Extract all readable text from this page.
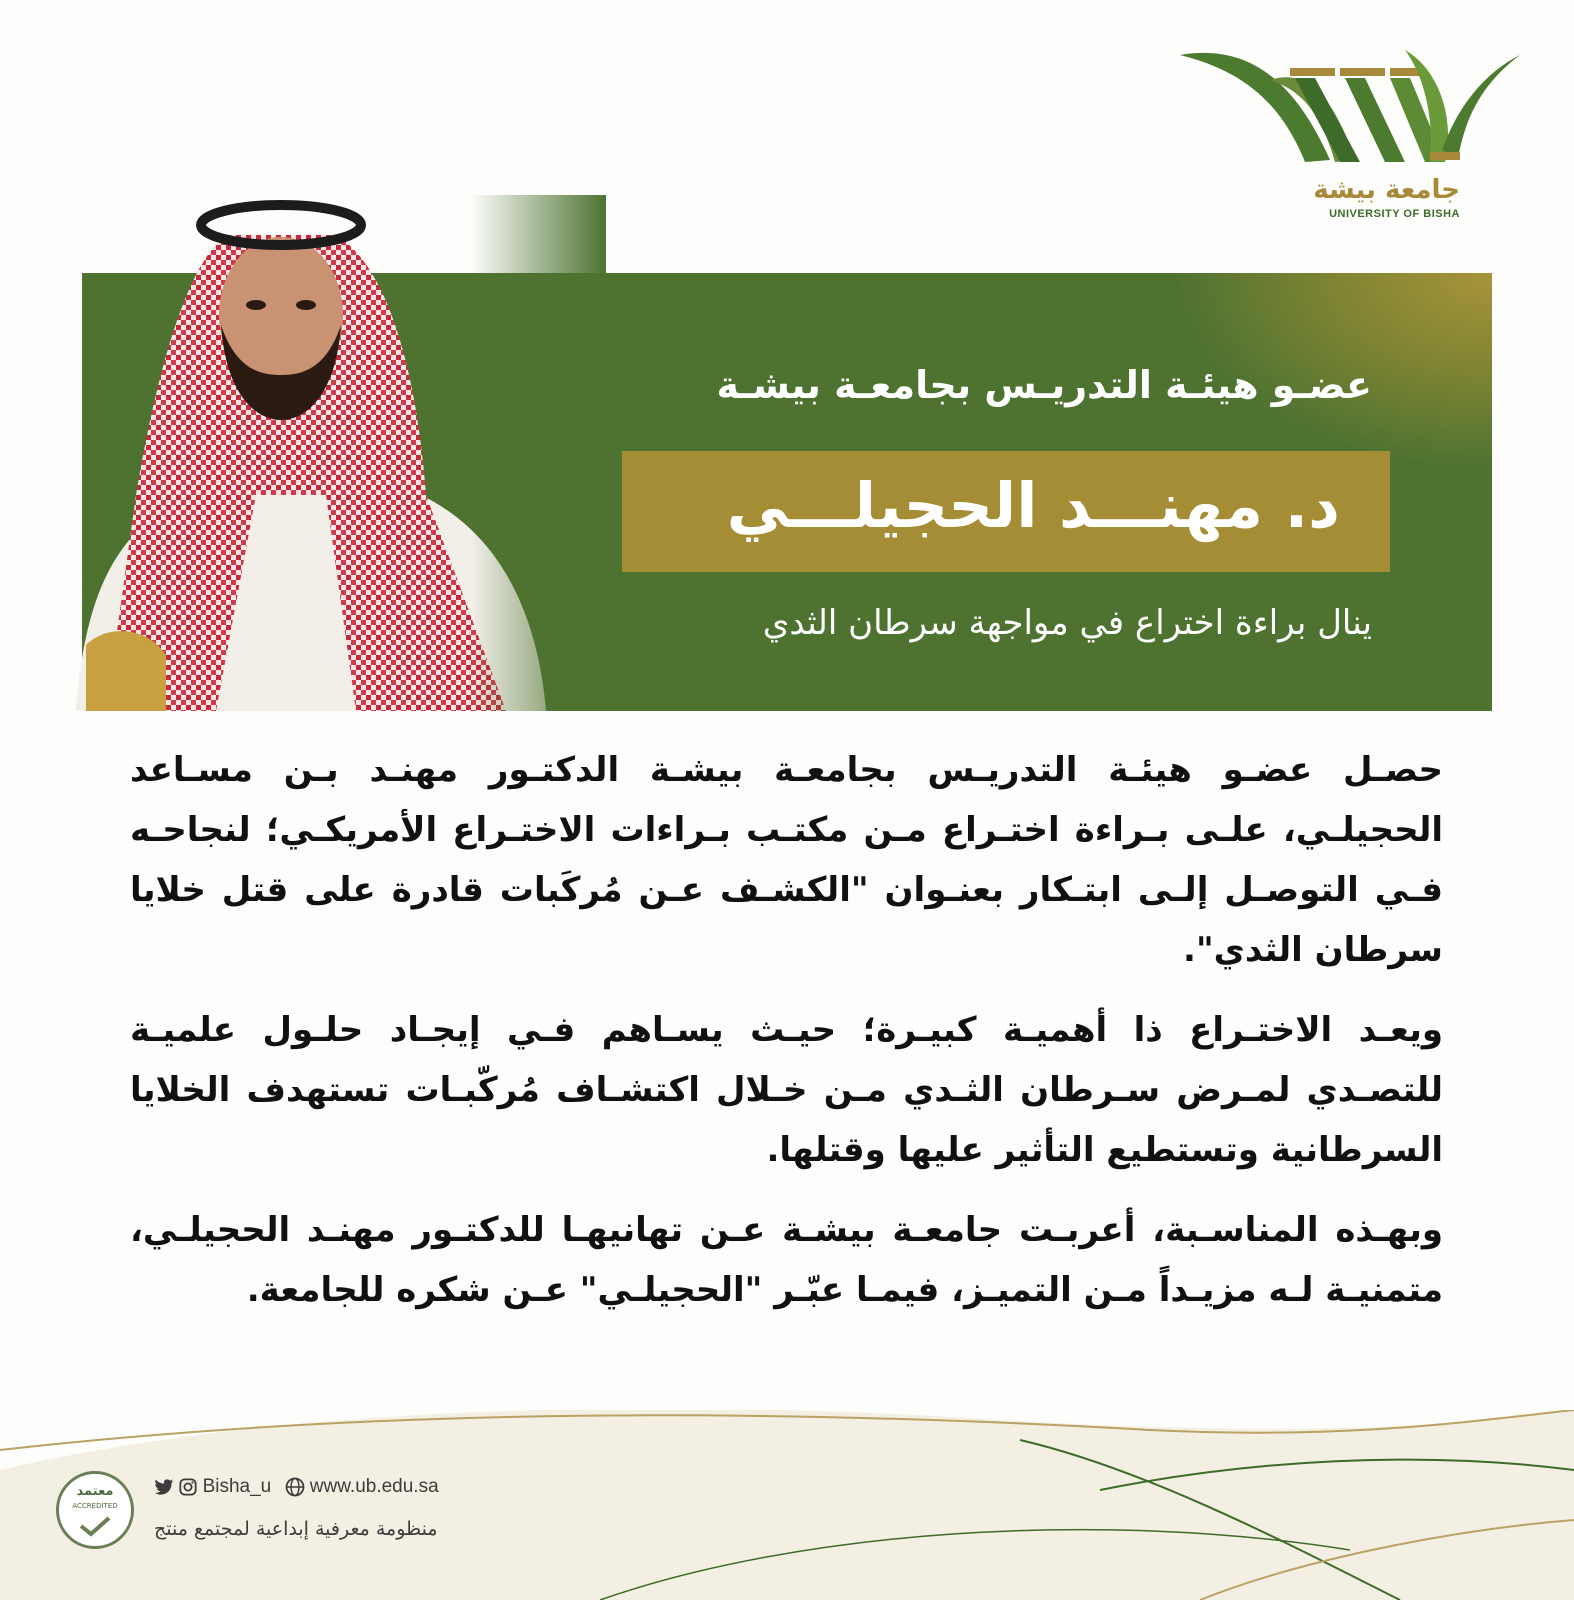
جامعة بيشة
UNIVERSITY OF BISHA
عضـو هيئـة التدريـس بجامعـة بيشـة
د. مهنـــد الحجيلـــي
ينال براءة اختراع في مواجهة سرطان الثدي

حصـل عضـو هيئـة التدريـس بجامعـة بيشـة الدكتـور مهنـد بـن مسـاعد الحجيلـي، علـى بـراءة اختـراع مـن مكتـب بـراءات الاختـراع الأمريكـي؛ لنجاحـه فـي التوصـل إلـى ابتـكار بعنـوان "الكشـف عـن مُركَبات قادرة على قتل خلايا سرطان الثدي".

ويعـد الاختـراع ذا أهميـة كبيـرة؛ حيـث يسـاهم فـي إيجـاد حلـول علميـة للتصـدي لمـرض سـرطان الثـدي مـن خـلال اكتشـاف مُركّبـات تستهدف الخلايا السرطانية وتستطيع التأثير عليها وقتلها.

وبهـذه المناسـبة، أعربـت جامعـة بيشـة عـن تهانيهـا للدكتـور مهنـد الحجيلـي، متمنيـة لـه مزيـداً مـن التميـز، فيمـا عبّـر "الحجيلـي" عـن شكره للجامعة.

معتمد
ACCREDITED
Bisha_u www.ub.edu.sa
منظومة معرفية إبداعية لمجتمع منتج
